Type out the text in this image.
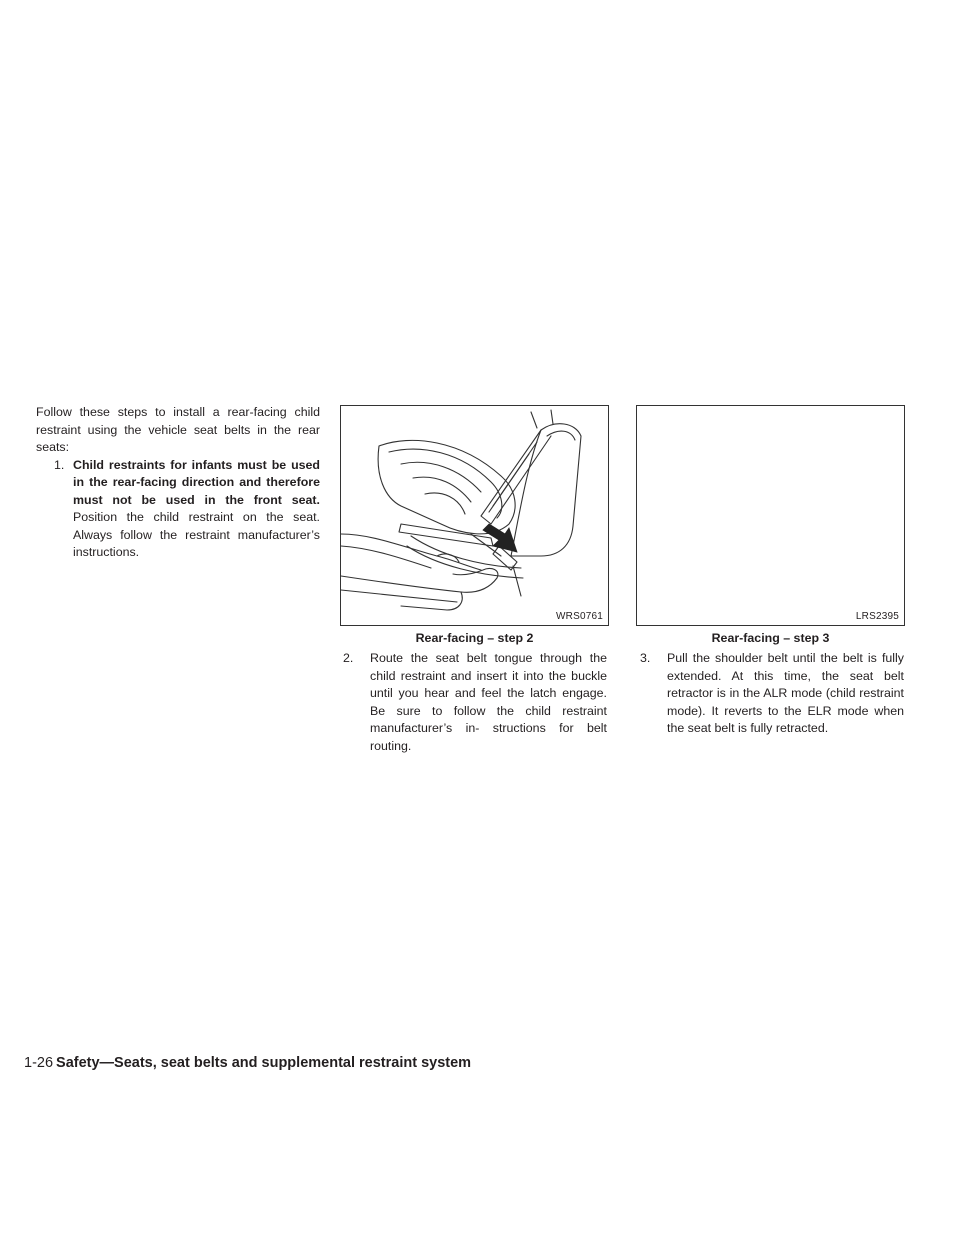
Follow these steps to install a rear-facing child restraint using the vehicle seat belts in the rear seats:
1. Child restraints for infants must be used in the rear-facing direction and therefore must not be used in the front seat. Position the child restraint on the seat. Always follow the restraint manufacturer’s instructions.
WRS0761
Rear-facing – step 2
LRS2395
Rear-facing – step 3
2. Route the seat belt tongue through the child restraint and insert it into the buckle until you hear and feel the latch engage. Be sure to follow the child restraint manufacturer’s in- structions for belt routing.
3. Pull the shoulder belt until the belt is fully extended. At this time, the seat belt retractor is in the ALR mode (child restraint mode). It reverts to the ELR mode when the seat belt is fully retracted.
1-26 Safety—Seats, seat belts and supplemental restraint system
